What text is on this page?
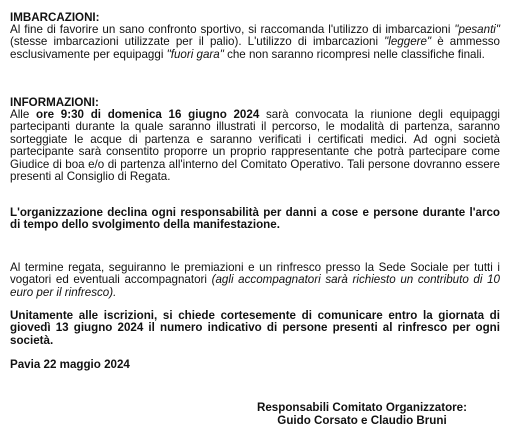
IMBARCAZIONI:
Al fine di favorire un sano confronto sportivo, si raccomanda l'utilizzo di imbarcazioni "pesanti" (stesse imbarcazioni utilizzate per il palio). L'utilizzo di imbarcazioni "leggere" è ammesso esclusivamente per equipaggi "fuori gara" che non saranno ricompresi nelle classifiche finali.
INFORMAZIONI:
Alle ore 9:30 di domenica 16 giugno 2024 sarà convocata la riunione degli equipaggi partecipanti durante la quale saranno illustrati il percorso, le modalità di partenza, saranno sorteggiate le acque di partenza e saranno verificati i certificati medici. Ad ogni società partecipante sarà consentito proporre un proprio rappresentante che potrà partecipare come Giudice di boa e/o di partenza all'interno del Comitato Operativo. Tali persone dovranno essere presenti al Consiglio di Regata.
L'organizzazione declina ogni responsabilità per danni a cose e persone durante l'arco di tempo dello svolgimento della manifestazione.
Al termine regata, seguiranno le premiazioni e un rinfresco presso la Sede Sociale per tutti i vogatori ed eventuali accompagnatori (agli accompagnatori sarà richiesto un contributo di 10 euro per il rinfresco).
Unitamente alle iscrizioni, si chiede cortesemente di comunicare entro la giornata di giovedì 13 giugno 2024 il numero indicativo di persone presenti al rinfresco per ogni società.
Pavia 22 maggio 2024
Responsabili Comitato Organizzatore:
Guido Corsato e Claudio Bruni
